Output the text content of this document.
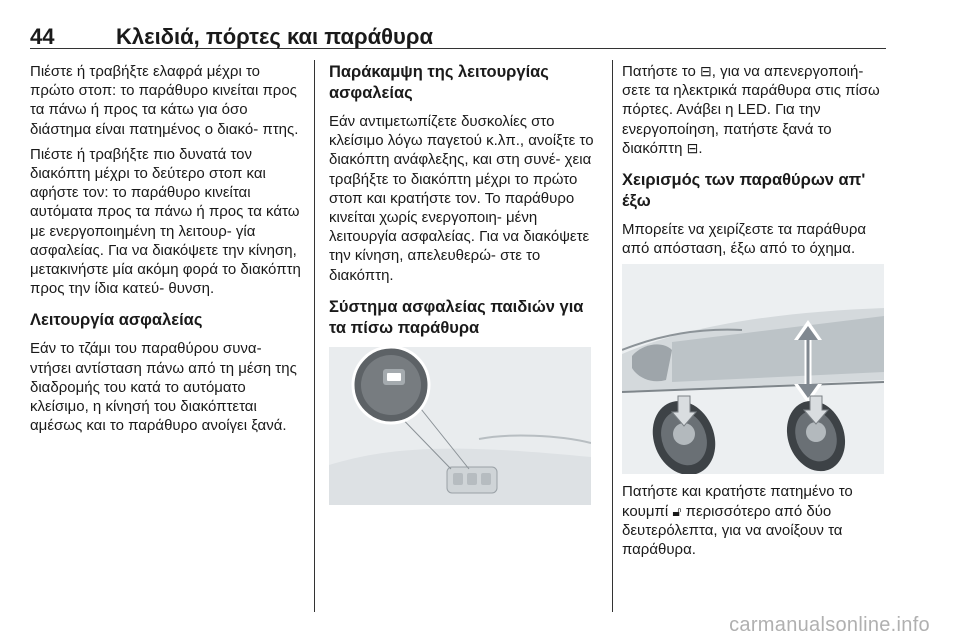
44	Κλειδιά, πόρτες και παράθυρα

Πιέστε ή τραβήξτε ελαφρά μέχρι το πρώτο στοπ: το παράθυρο κινείται προς τα πάνω ή προς τα κάτω για όσο διάστημα είναι πατημένος ο διακό- πτης.

Πιέστε ή τραβήξτε πιο δυνατά τον διακόπτη μέχρι το δεύτερο στοπ και αφήστε τον: το παράθυρο κινείται αυτόματα προς τα πάνω ή προς τα κάτω με ενεργοποιημένη τη λειτουρ- γία ασφαλείας. Για να διακόψετε την κίνηση, μετακινήστε μία ακόμη φορά το διακόπτη προς την ίδια κατεύ- θυνση.

Λειτουργία ασφαλείας

Εάν το τζάμι του παραθύρου συνα- ντήσει αντίσταση πάνω από τη μέση της διαδρομής του κατά το αυτόματο κλείσιμο, η κίνησή του διακόπτεται αμέσως και το παράθυρο ανοίγει ξανά.

Παράκαμψη της λειτουργίας ασφαλείας

Εάν αντιμετωπίζετε δυσκολίες στο κλείσιμο λόγω παγετού κ.λπ., ανοίξτε το διακόπτη ανάφλεξης, και στη συνέ- χεια τραβήξτε το διακόπτη μέχρι το πρώτο στοπ και κρατήστε τον. Το παράθυρο κινείται χωρίς ενεργοποιη- μένη λειτουργία ασφαλείας. Για να διακόψετε την κίνηση, απελευθερώ- στε το διακόπτη.

Σύστημα ασφαλείας παιδιών για τα πίσω παράθυρα

Πατήστε το ⊟, για να απενεργοποιή- σετε τα ηλεκτρικά παράθυρα στις πίσω πόρτες. Ανάβει η LED. Για την ενεργοποίηση, πατήστε ξανά το διακόπτη ⊟.

Χειρισμός των παραθύρων απ' έξω

Μπορείτε να χειρίζεστε τα παράθυρα από απόσταση, έξω από το όχημα.

Πατήστε και κρατήστε πατημένο το κουμπί 🔓︎ περισσότερο από δύο δευτερόλεπτα, για να ανοίξουν τα παράθυρα.

carmanualsonline.info
